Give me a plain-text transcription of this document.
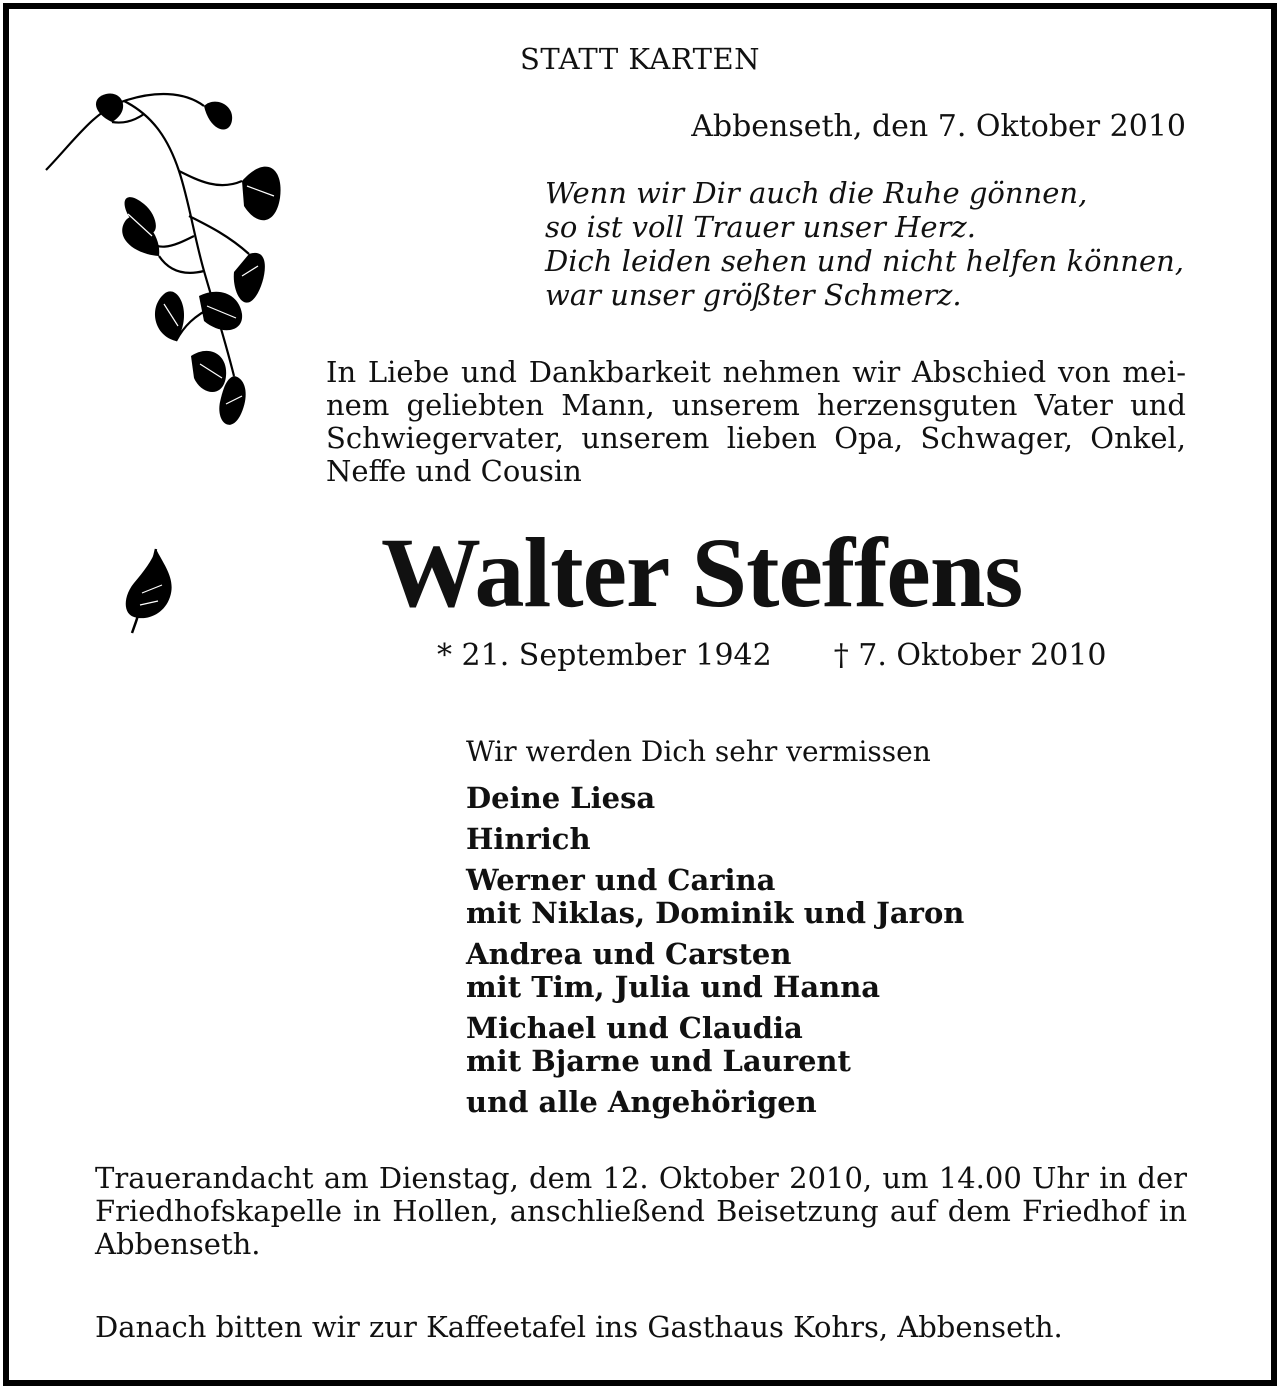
STATT KARTEN
Abbenseth, den 7. Oktober 2010
Wenn wir Dir auch die Ruhe gönnen,
so ist voll Trauer unser Herz.
Dich leiden sehen und nicht helfen können,
war unser größter Schmerz.
In Liebe und Dankbarkeit nehmen wir Abschied von mei-
nem geliebten Mann, unserem herzensguten Vater und
Schwiegervater, unserem lieben Opa, Schwager, Onkel,
Neffe und Cousin
Walter Steffens
* 21. September 1942 † 7. Oktober 2010
Wir werden Dich sehr vermissen
Deine Liesa
Hinrich
Werner und Carina
mit Niklas, Dominik und Jaron
Andrea und Carsten
mit Tim, Julia und Hanna
Michael und Claudia
mit Bjarne und Laurent
und alle Angehörigen
Trauerandacht am Dienstag, dem 12. Oktober 2010, um 14.00 Uhr in der
Friedhofskapelle in Hollen, anschließend Beisetzung auf dem Friedhof in
Abbenseth.
Danach bitten wir zur Kaffeetafel ins Gasthaus Kohrs, Abbenseth.
